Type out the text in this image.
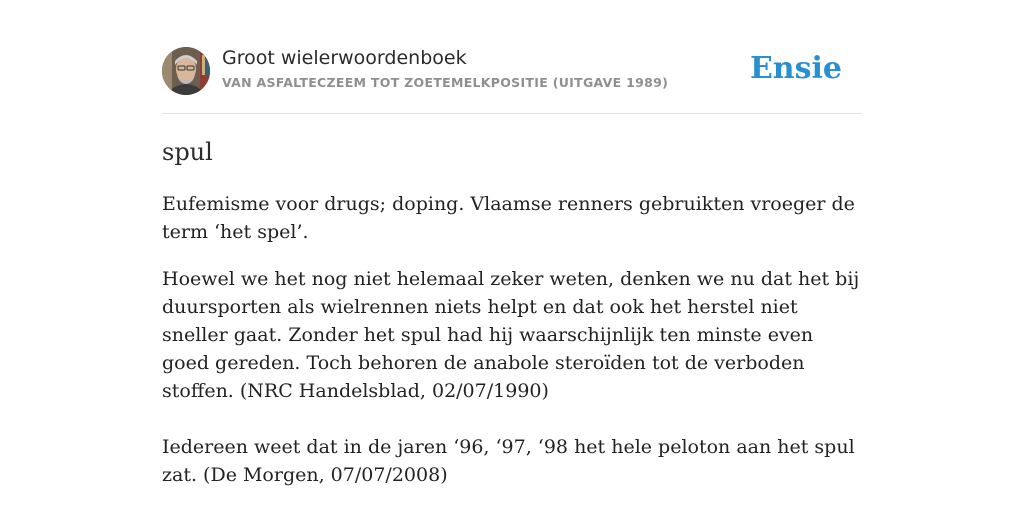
Groot wielerwoordenboek
VAN ASFALTECZEEM TOT ZOETEMELKPOSITIE (UITGAVE 1989)	Ensie
spul

Eufemisme voor drugs; doping. Vlaamse renners gebruikten vroeger de term ‘het spel’.

Hoewel we het nog niet helemaal zeker weten, denken we nu dat het bij duursporten als wielrennen niets helpt en dat ook het herstel niet sneller gaat. Zonder het spul had hij waarschijnlijk ten minste even goed gereden. Toch behoren de anabole steroïden tot de verboden stoffen. (NRC Handelsblad, 02/07/1990)

Iedereen weet dat in de jaren ‘96, ‘97, ‘98 het hele peloton aan het spul zat. (De Morgen, 07/07/2008)
